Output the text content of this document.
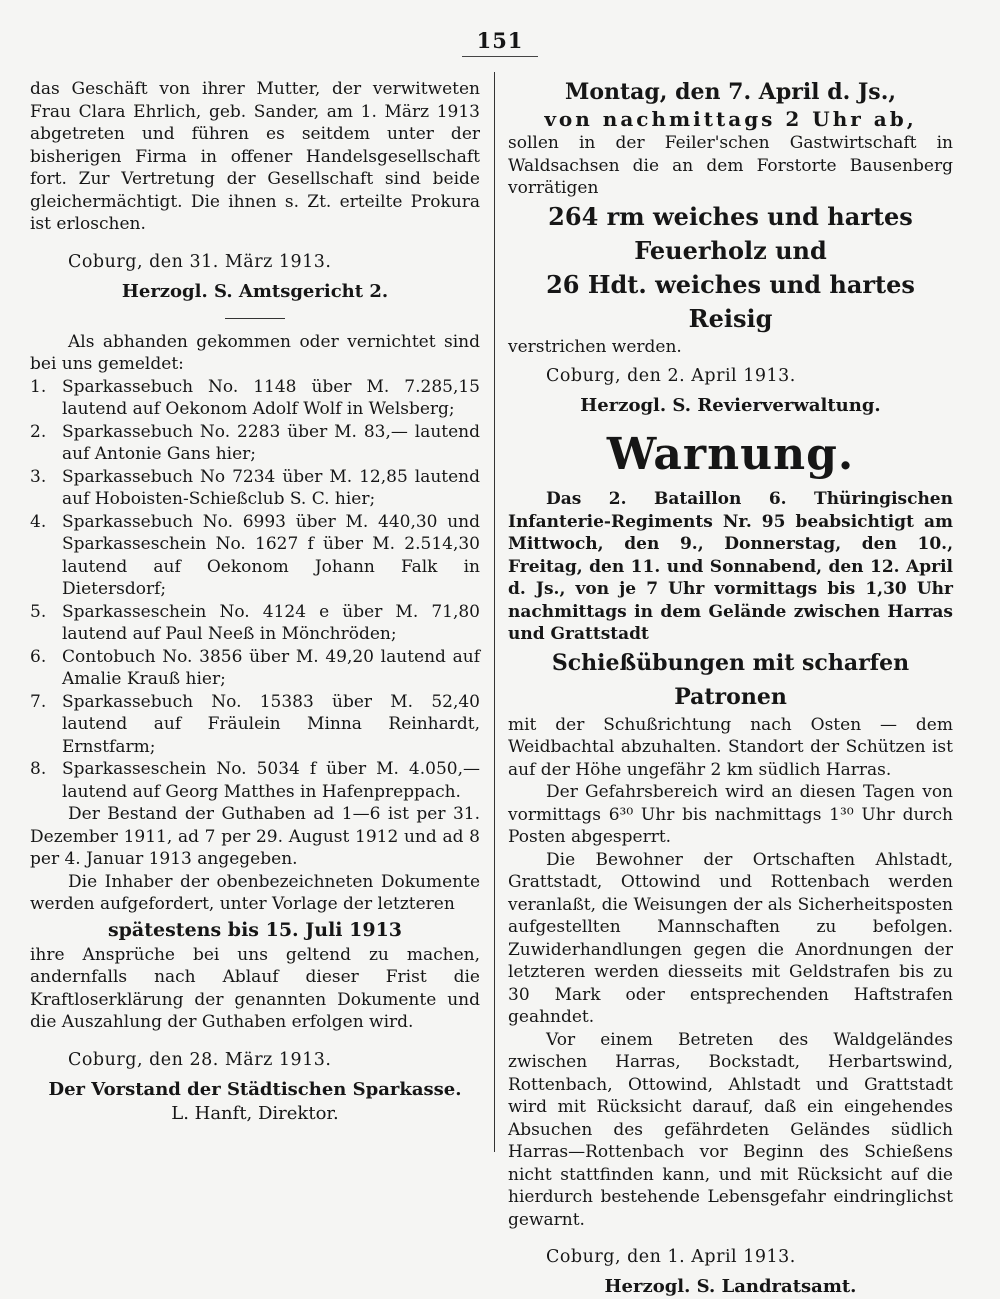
151

das Geschäft von ihrer Mutter, der verwitweten Frau Clara Ehrlich, geb. Sander, am 1. März 1913 abgetreten und führen es seitdem unter der bisherigen Firma in offener Handelsgesellschaft fort. Zur Vertretung der Gesellschaft sind beide gleichermächtigt. Die ihnen s. Zt. erteilte Prokura ist erloschen.

Coburg, den 31. März 1913.

Herzogl. S. Amtsgericht 2.

Als abhanden gekommen oder vernichtet sind bei uns gemeldet:

1. Sparkassebuch No. 1148 über M. 7.285,15 lautend auf Oekonom Adolf Wolf in Welsberg;
2. Sparkassebuch No. 2283 über M. 83,— lautend auf Antonie Gans hier;
3. Sparkassebuch No 7234 über M. 12,85 lautend auf Hoboisten-Schießclub S. C. hier;
4. Sparkassebuch No. 6993 über M. 440,30 und Sparkasseschein No. 1627 f über M. 2.514,30 lautend auf Oekonom Johann Falk in Dietersdorf;
5. Sparkasseschein No. 4124 e über M. 71,80 lautend auf Paul Neeß in Mönchröden;
6. Contobuch No. 3856 über M. 49,20 lautend auf Amalie Krauß hier;
7. Sparkassebuch No. 15383 über M. 52,40 lautend auf Fräulein Minna Reinhardt, Ernstfarm;
8. Sparkasseschein No. 5034 f über M. 4.050,— lautend auf Georg Matthes in Hafenpreppach.

Der Bestand der Guthaben ad 1—6 ist per 31. Dezember 1911, ad 7 per 29. August 1912 und ad 8 per 4. Januar 1913 angegeben.

Die Inhaber der obenbezeichneten Dokumente werden aufgefordert, unter Vorlage der letzteren

spätestens bis 15. Juli 1913

ihre Ansprüche bei uns geltend zu machen, andernfalls nach Ablauf dieser Frist die Kraftloserklärung der genannten Dokumente und die Auszahlung der Guthaben erfolgen wird.

Coburg, den 28. März 1913.

Der Vorstand der Städtischen Sparkasse.

L. Hanft, Direktor.

Montag, den 7. April d. Js.,

von nachmittags 2 Uhr ab,

sollen in der Feiler'schen Gastwirtschaft in Waldsachsen die an dem Forstorte Bausenberg vorrätigen

264 rm weiches und hartes Feuerholz und

26 Hdt. weiches und hartes Reisig

verstrichen werden.

Coburg, den 2. April 1913.

Herzogl. S. Revierverwaltung.

Warnung.

Das 2. Bataillon 6. Thüringischen Infanterie-Regiments Nr. 95 beabsichtigt am Mittwoch, den 9., Donnerstag, den 10., Freitag, den 11. und Sonnabend, den 12. April d. Js., von je 7 Uhr vormittags bis 1,30 Uhr nachmittags in dem Gelände zwischen Harras und Grattstadt

Schießübungen mit scharfen Patronen

mit der Schußrichtung nach Osten — dem Weidbachtal abzuhalten. Standort der Schützen ist auf der Höhe ungefähr 2 km südlich Harras.

Der Gefahrsbereich wird an diesen Tagen von vormittags 6³⁰ Uhr bis nachmittags 1³⁰ Uhr durch Posten abgesperrt.

Die Bewohner der Ortschaften Ahlstadt, Grattstadt, Ottowind und Rottenbach werden veranlaßt, die Weisungen der als Sicherheitsposten aufgestellten Mannschaften zu befolgen. Zuwiderhandlungen gegen die Anordnungen der letzteren werden diesseits mit Geldstrafen bis zu 30 Mark oder entsprechenden Haftstrafen geahndet.

Vor einem Betreten des Waldgeländes zwischen Harras, Bockstadt, Herbartswind, Rottenbach, Ottowind, Ahlstadt und Grattstadt wird mit Rücksicht darauf, daß ein eingehendes Absuchen des gefährdeten Geländes südlich Harras—Rottenbach vor Beginn des Schießens nicht stattfinden kann, und mit Rücksicht auf die hierdurch bestehende Lebensgefahr eindringlichst gewarnt.

Coburg, den 1. April 1913.

Herzogl. S. Landratsamt.
